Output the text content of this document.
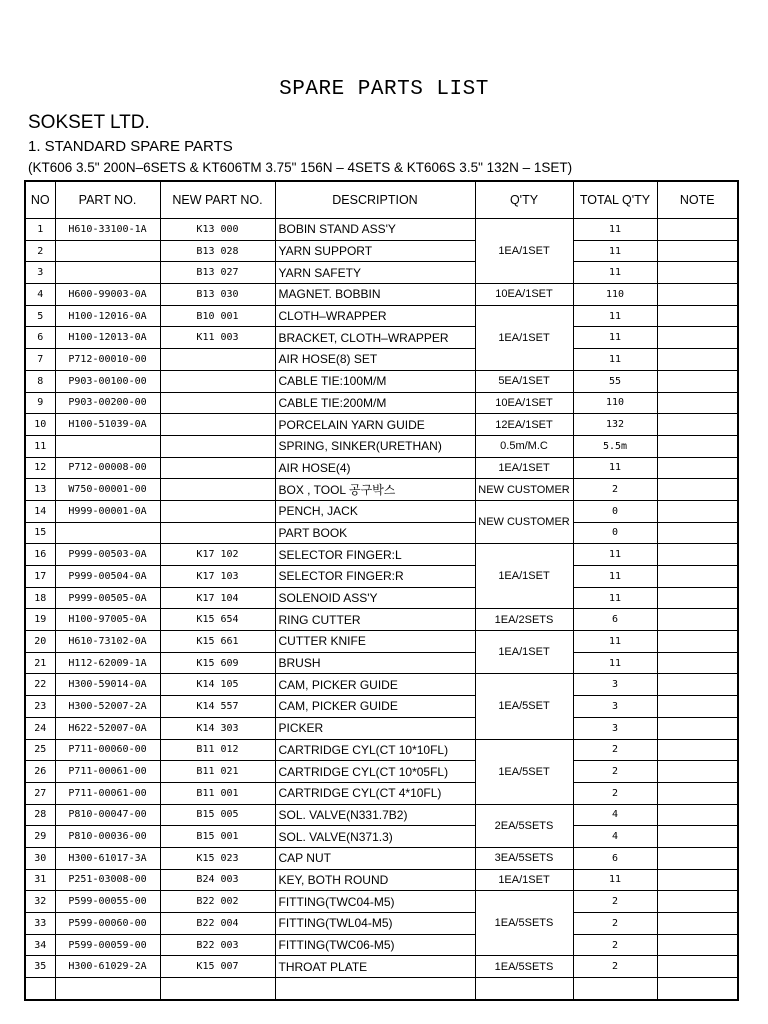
SPARE PARTS LIST
SOKSET LTD.
1. STANDARD SPARE PARTS
(KT606 3.5" 200N–6SETS & KT606TM 3.75" 156N – 4SETS & KT606S 3.5" 132N – 1SET)
NO	PART NO.	NEW PART NO.	DESCRIPTION	Q'TY	TOTAL Q'TY	NOTE
1	H610-33100-1A	K13 000	BOBIN STAND ASS'Y	1EA/1SET	11	
2		B13 028	YARN SUPPORT		11	
3		B13 027	YARN SAFETY		11	
4	H600-99003-0A	B13 030	MAGNET. BOBBIN	10EA/1SET	110	
5	H100-12016-0A	B10 001	CLOTH–WRAPPER	1EA/1SET	11	
6	H100-12013-0A	K11 003	BRACKET, CLOTH–WRAPPER		11	
7	P712-00010-00		AIR HOSE(8) SET		11	
8	P903-00100-00		CABLE TIE:100M/M	5EA/1SET	55	
9	P903-00200-00		CABLE TIE:200M/M	10EA/1SET	110	
10	H100-51039-0A		PORCELAIN YARN GUIDE	12EA/1SET	132	
11			SPRING, SINKER(URETHAN)	0.5m/M.C	5.5m	
12	P712-00008-00		AIR HOSE(4)	1EA/1SET	11	
13	W750-00001-00		BOX , TOOL 공구박스	NEW CUSTOMER	2	
14	H999-00001-0A		PENCH, JACK	NEW CUSTOMER	0	
15			PART BOOK		0	
16	P999-00503-0A	K17 102	SELECTOR FINGER:L	1EA/1SET	11	
17	P999-00504-0A	K17 103	SELECTOR FINGER:R		11	
18	P999-00505-0A	K17 104	SOLENOID ASS'Y		11	
19	H100-97005-0A	K15 654	RING CUTTER	1EA/2SETS	6	
20	H610-73102-0A	K15 661	CUTTER KNIFE	1EA/1SET	11	
21	H112-62009-1A	K15 609	BRUSH		11	
22	H300-59014-0A	K14 105	CAM, PICKER GUIDE	1EA/5SET	3	
23	H300-52007-2A	K14 557	CAM, PICKER GUIDE		3	
24	H622-52007-0A	K14 303	PICKER		3	
25	P711-00060-00	B11 012	CARTRIDGE CYL(CT 10*10FL)	1EA/5SET	2	
26	P711-00061-00	B11 021	CARTRIDGE CYL(CT 10*05FL)		2	
27	P711-00061-00	B11 001	CARTRIDGE CYL(CT 4*10FL)		2	
28	P810-00047-00	B15 005	SOL. VALVE(N331.7B2)	2EA/5SETS	4	
29	P810-00036-00	B15 001	SOL. VALVE(N371.3)		4	
30	H300-61017-3A	K15 023	CAP NUT	3EA/5SETS	6	
31	P251-03008-00	B24 003	KEY, BOTH ROUND	1EA/1SET	11	
32	P599-00055-00	B22 002	FITTING(TWC04-M5)	1EA/5SETS	2	
33	P599-00060-00	B22 004	FITTING(TWL04-M5)		2	
34	P599-00059-00	B22 003	FITTING(TWC06-M5)		2	
35	H300-61029-2A	K15 007	THROAT PLATE	1EA/5SETS	2	
